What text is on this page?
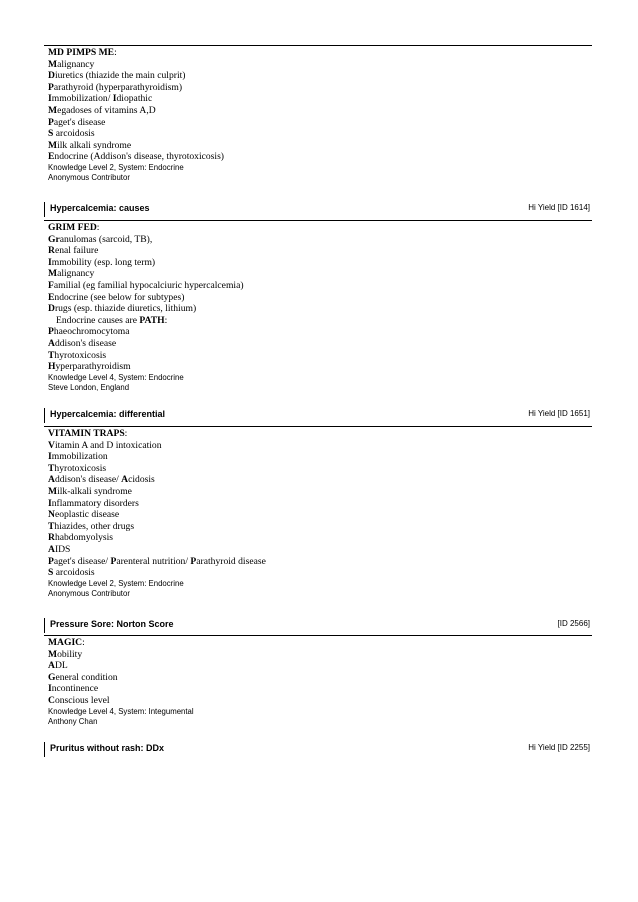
MD PIMPS ME:
Malignancy
Diuretics (thiazide the main culprit)
Parathyroid (hyperparathyroidism)
Immobilization/ Idiopathic
Megadoses of vitamins A,D
Paget's disease
S arcoidosis
Milk alkali syndrome
Endocrine (Addison's disease, thyrotoxicosis)
Knowledge Level 2, System: Endocrine
Anonymous Contributor
Hypercalcemia: causes	Hi Yield [ID 1614]
GRIM FED:
Granulomas (sarcoid, TB),
Renal failure
Immobility (esp. long term)
Malignancy
Familial (eg familial hypocalciuric hypercalcemia)
Endocrine (see below for subtypes)
Drugs (esp. thiazide diuretics, lithium)
Endocrine causes are PATH:
Phaeochromocytoma
Addison's disease
Thyrotoxicosis
Hyperparathyroidism
Knowledge Level 4, System: Endocrine
Steve London, England
Hypercalcemia: differential	Hi Yield [ID 1651]
VITAMIN TRAPS:
Vitamin A and D intoxication
Immobilization
Thyrotoxicosis
Addison's disease/ Acidosis
Milk-alkali syndrome
Inflammatory disorders
Neoplastic disease
Thiazides, other drugs
Rhabdomyolysis
AIDS
Paget's disease/ Parenteral nutrition/ Parathyroid disease
S arcoidosis
Knowledge Level 2, System: Endocrine
Anonymous Contributor
Pressure Sore: Norton Score	[ID 2566]
MAGIC:
Mobility
ADL
General condition
Incontinence
Conscious level
Knowledge Level 4, System: Integumental
Anthony Chan
Pruritus without rash: DDx	Hi Yield [ID 2255]
